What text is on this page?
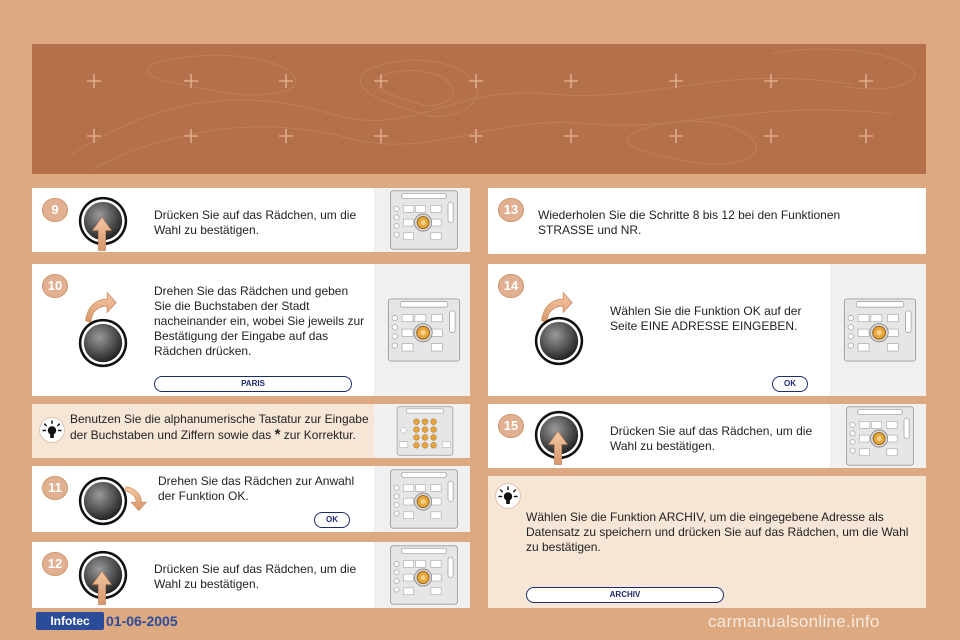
9	Drücken Sie auf das Rädchen, um die Wahl zu bestätigen.
10	Drehen Sie das Rädchen und geben Sie die Buchstaben der Stadt nacheinander ein, wobei Sie jeweils zur Bestätigung der Eingabe auf das Rädchen drücken.
PARIS
Benutzen Sie die alphanumerische Tastatur zur Eingabe der Buchstaben und Ziffern sowie das * zur Korrektur.
11	Drehen Sie das Rädchen zur Anwahl der Funktion OK.
OK
12	Drücken Sie auf das Rädchen, um die Wahl zu bestätigen.
13	Wiederholen Sie die Schritte 8 bis 12 bei den Funktionen STRASSE und NR.
14
Wählen Sie die Funktion OK auf der Seite EINE ADRESSE EINGEBEN.
OK
15	Drücken Sie auf das Rädchen, um die Wahl zu bestätigen.
Wählen Sie die Funktion ARCHIV, um die eingegebene Adresse als Datensatz zu speichern und drücken Sie auf das Rädchen, um die Wahl zu bestätigen.
ARCHIV
Infotec	01-06-2005	carmanualsonline.info
